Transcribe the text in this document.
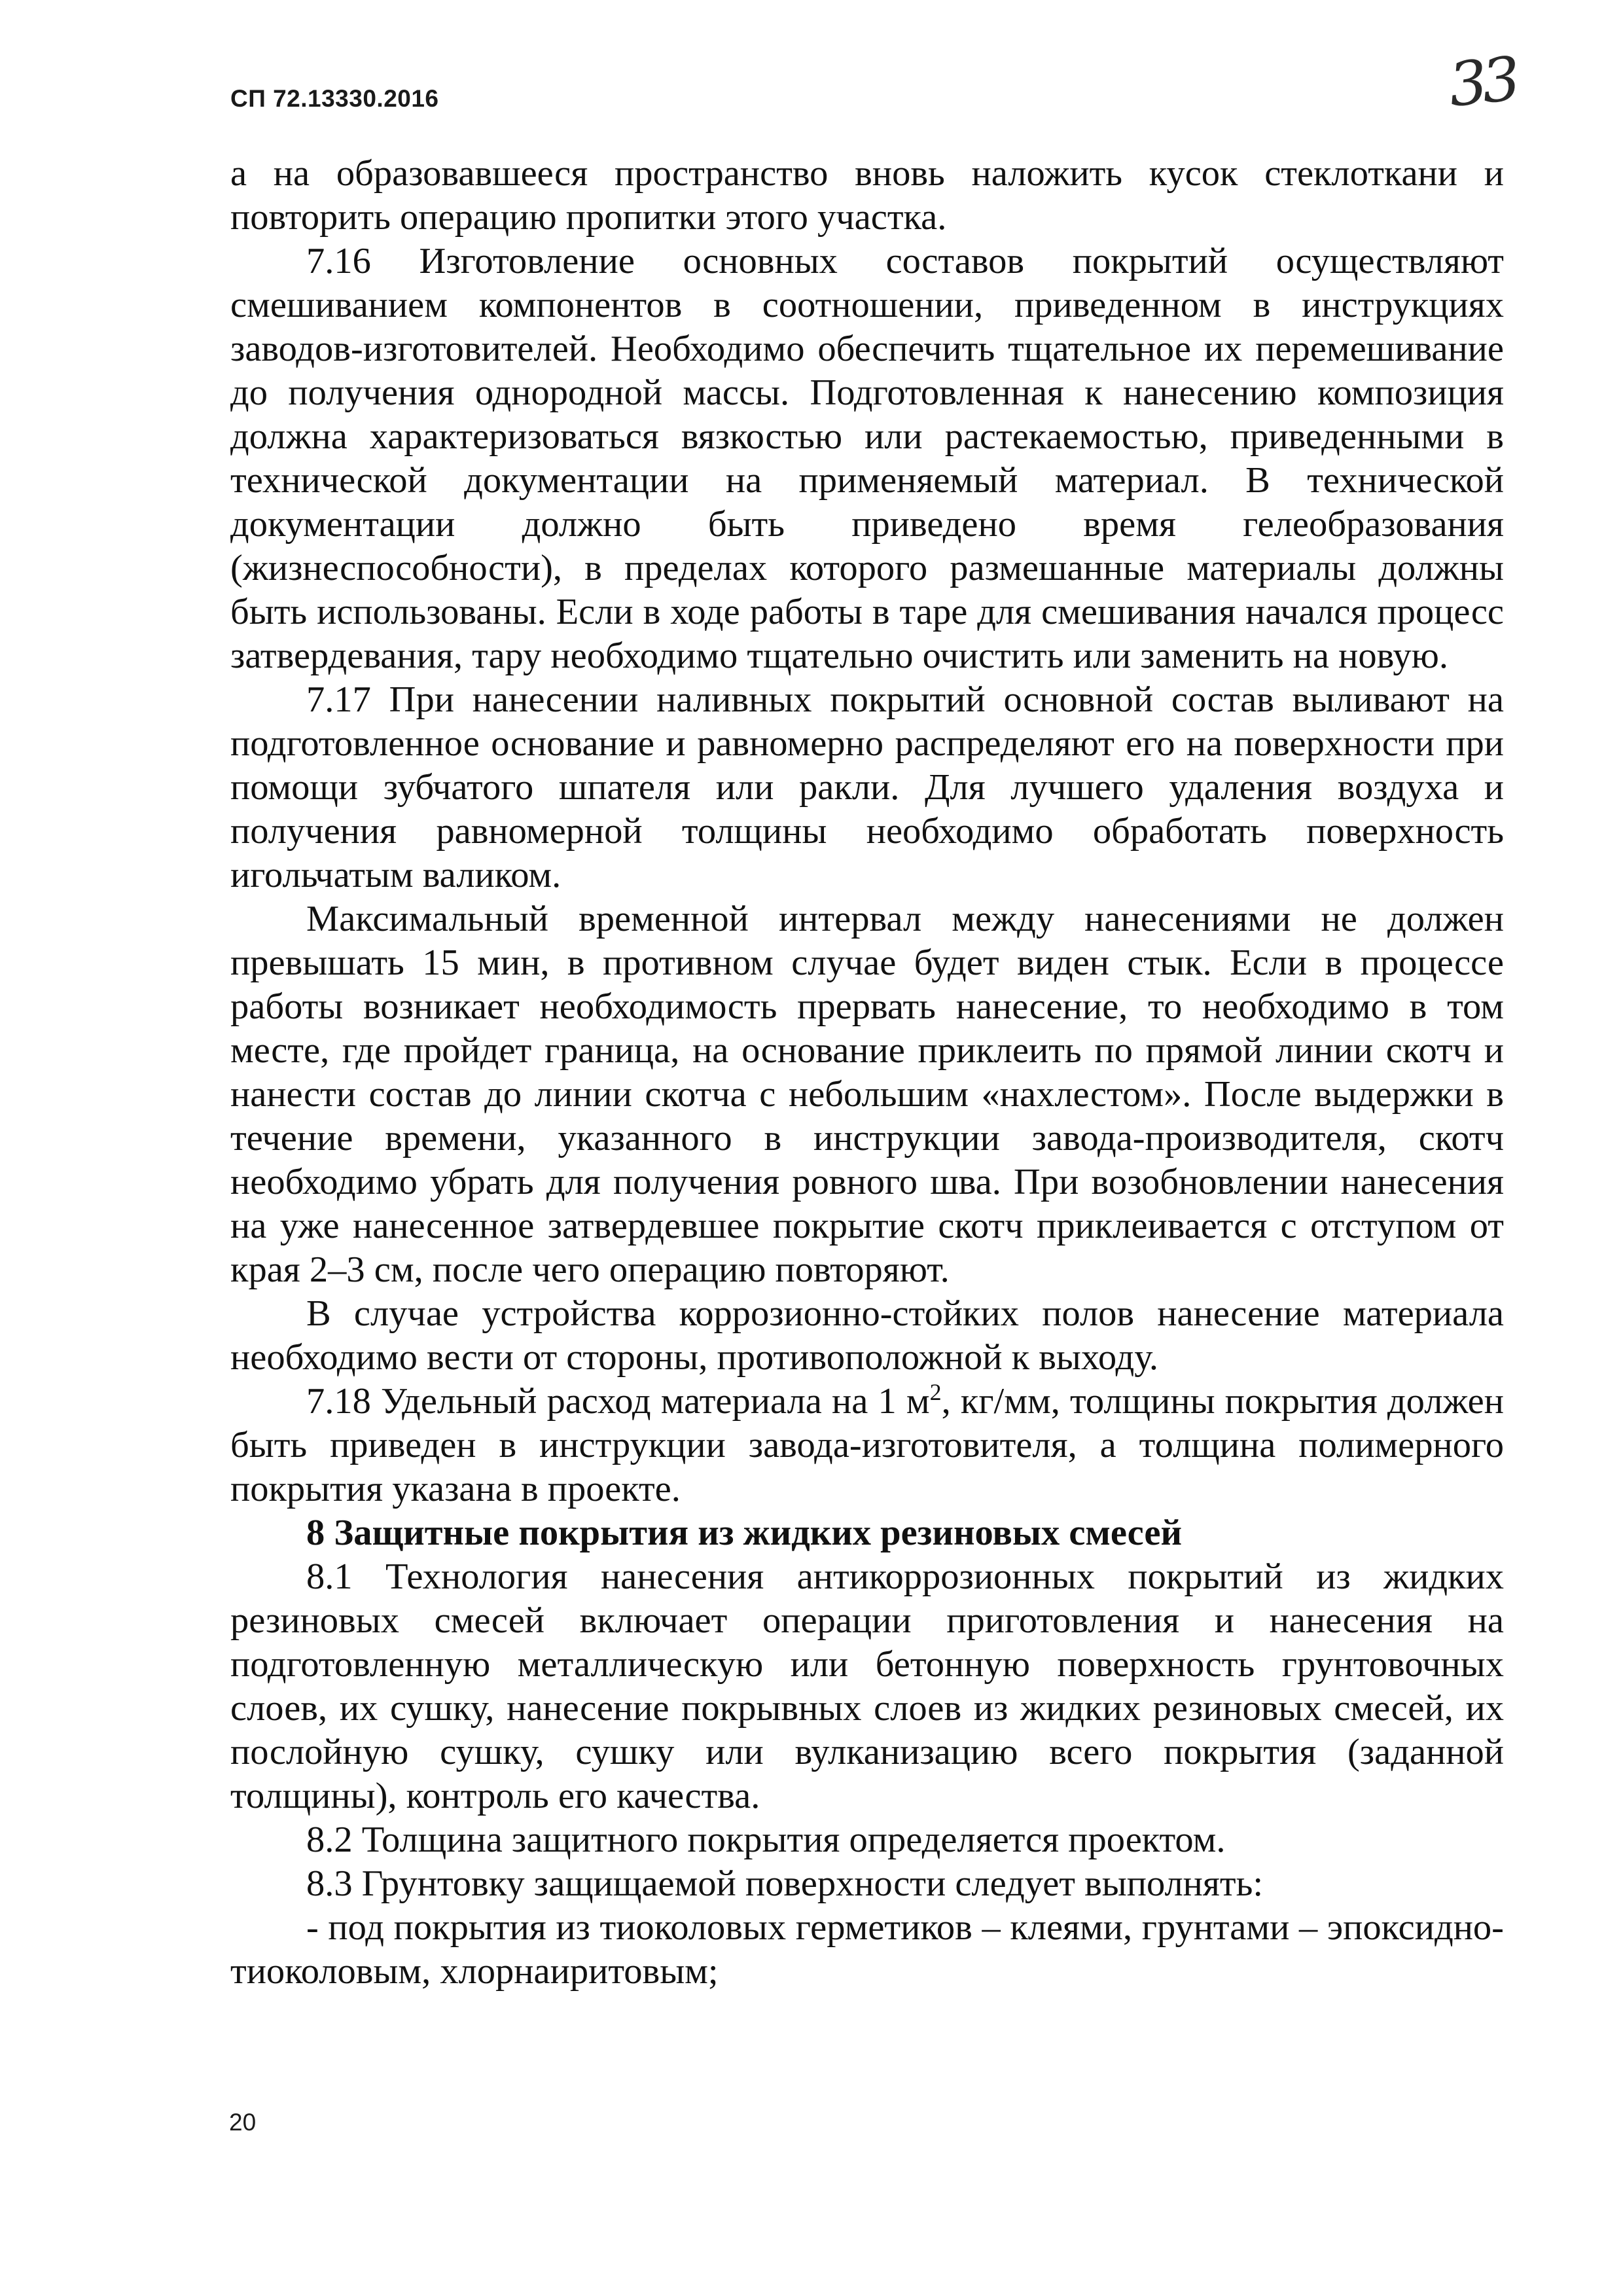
СП 72.13330.2016	33

а на образовавшееся пространство вновь наложить кусок стеклоткани и повторить операцию пропитки этого участка.

7.16 Изготовление основных составов покрытий осуществляют смешиванием компонентов в соотношении, приведенном в инструкциях заводов-изготовителей. Необходимо обеспечить тщательное их перемешивание до получения однородной массы. Подготовленная к нанесению композиция должна характеризоваться вязкостью или растекаемостью, приведенными в технической документации на применяемый материал. В технической документации должно быть приведено время гелеобразования (жизнеспособности), в пределах которого размешанные материалы должны быть использованы. Если в ходе работы в таре для смешивания начался процесс затвердевания, тару необходимо тщательно очистить или заменить на новую.

7.17 При нанесении наливных покрытий основной состав выливают на подготовленное основание и равномерно распределяют его на поверхности при помощи зубчатого шпателя или ракли. Для лучшего удаления воздуха и получения равномерной толщины необходимо обработать поверхность игольчатым валиком.

Максимальный временной интервал между нанесениями не должен превышать 15 мин, в противном случае будет виден стык. Если в процессе работы возникает необходимость прервать нанесение, то необходимо в том месте, где пройдет граница, на основание приклеить по прямой линии скотч и нанести состав до линии скотча с небольшим «нахлестом». После выдержки в течение времени, указанного в инструкции завода-производителя, скотч необходимо убрать для получения ровного шва. При возобновлении нанесения на уже нанесенное затвердевшее покрытие скотч приклеивается с отступом от края 2–3 см, после чего операцию повторяют.

В случае устройства коррозионно-стойких полов нанесение материала необходимо вести от стороны, противоположной к выходу.

7.18 Удельный расход материала на 1 $м^2$, кг/мм, толщины покрытия должен быть приведен в инструкции завода-изготовителя, а толщина полимерного покрытия указана в проекте.

8 Защитные покрытия из жидких резиновых смесей

8.1 Технология нанесения антикоррозионных покрытий из жидких резиновых смесей включает операции приготовления и нанесения на подготовленную металлическую или бетонную поверхность грунтовочных слоев, их сушку, нанесение покрывных слоев из жидких резиновых смесей, их послойную сушку, сушку или вулканизацию всего покрытия (заданной толщины), контроль его качества.

8.2 Толщина защитного покрытия определяется проектом.

8.3 Грунтовку защищаемой поверхности следует выполнять:

- под покрытия из тиоколовых герметиков – клеями, грунтами – эпоксидно-тиоколовым, хлорнаиритовым;

20
